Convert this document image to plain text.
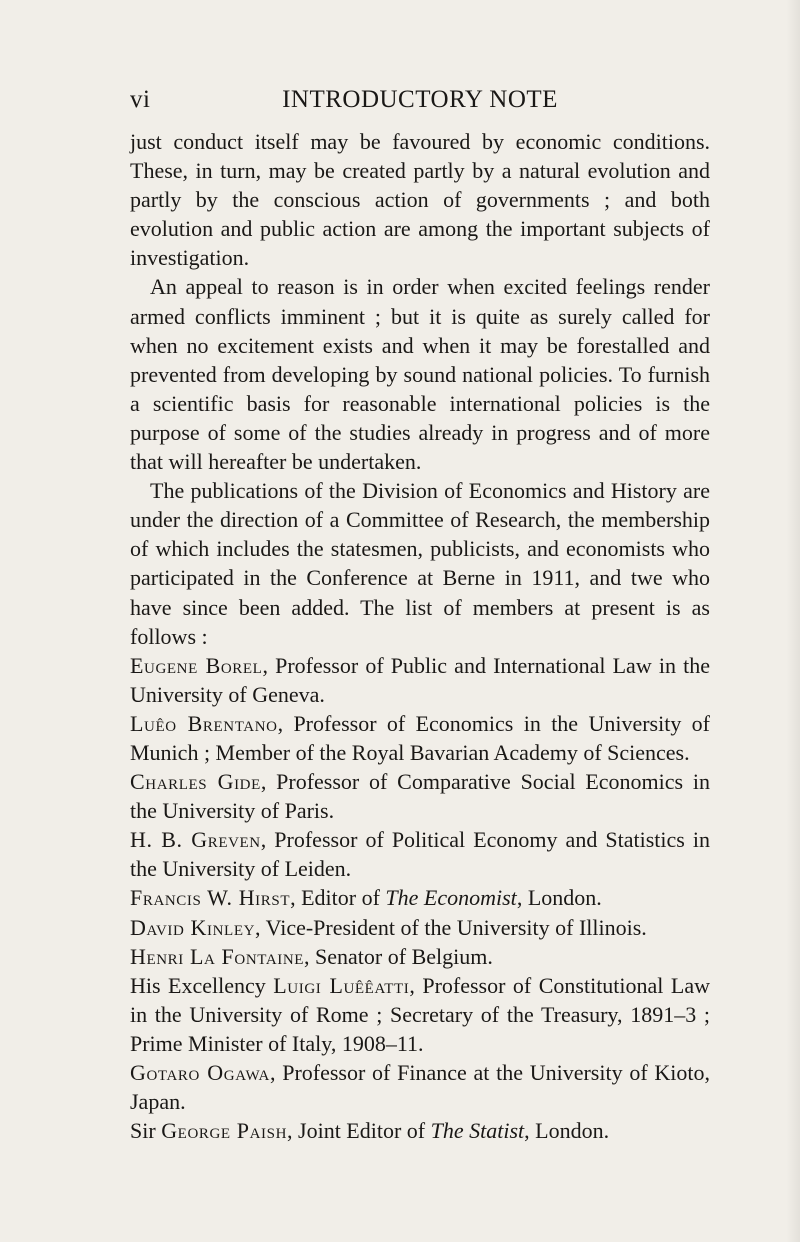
vi	INTRODUCTORY NOTE

just conduct itself may be favoured by economic conditions. These, in turn, may be created partly by a natural evolution and partly by the conscious action of governments ; and both evolution and public action are among the important subjects of investigation.

An appeal to reason is in order when excited feelings render armed conflicts imminent ; but it is quite as surely called for when no excitement exists and when it may be forestalled and prevented from developing by sound national policies. To furnish a scientific basis for reasonable international policies is the purpose of some of the studies already in progress and of more that will hereafter be undertaken.

The publications of the Division of Economics and History are under the direction of a Committee of Research, the membership of which includes the statesmen, publicists, and economists who participated in the Conference at Berne in 1911, and twe who have since been added. The list of members at present is as follows :

Eugene Borel, Professor of Public and International Law in the University of Geneva.

Luêo Brentano, Professor of Economics in the University of Munich ; Member of the Royal Bavarian Academy of Sciences.

Charles Gide, Professor of Comparative Social Economics in the University of Paris.

H. B. Greven, Professor of Political Economy and Statistics in the University of Leiden.

Francis W. Hirst, Editor of The Economist, London.

David Kinley, Vice-President of the University of Illinois.

Henri La Fontaine, Senator of Belgium.

His Excellency Luigi Luêêatti, Professor of Constitutional Law in the University of Rome ; Secretary of the Treasury, 1891–3 ; Prime Minister of Italy, 1908–11.

Gotaro Ogawa, Professor of Finance at the University of Kioto, Japan.

Sir George Paish, Joint Editor of The Statist, London.
